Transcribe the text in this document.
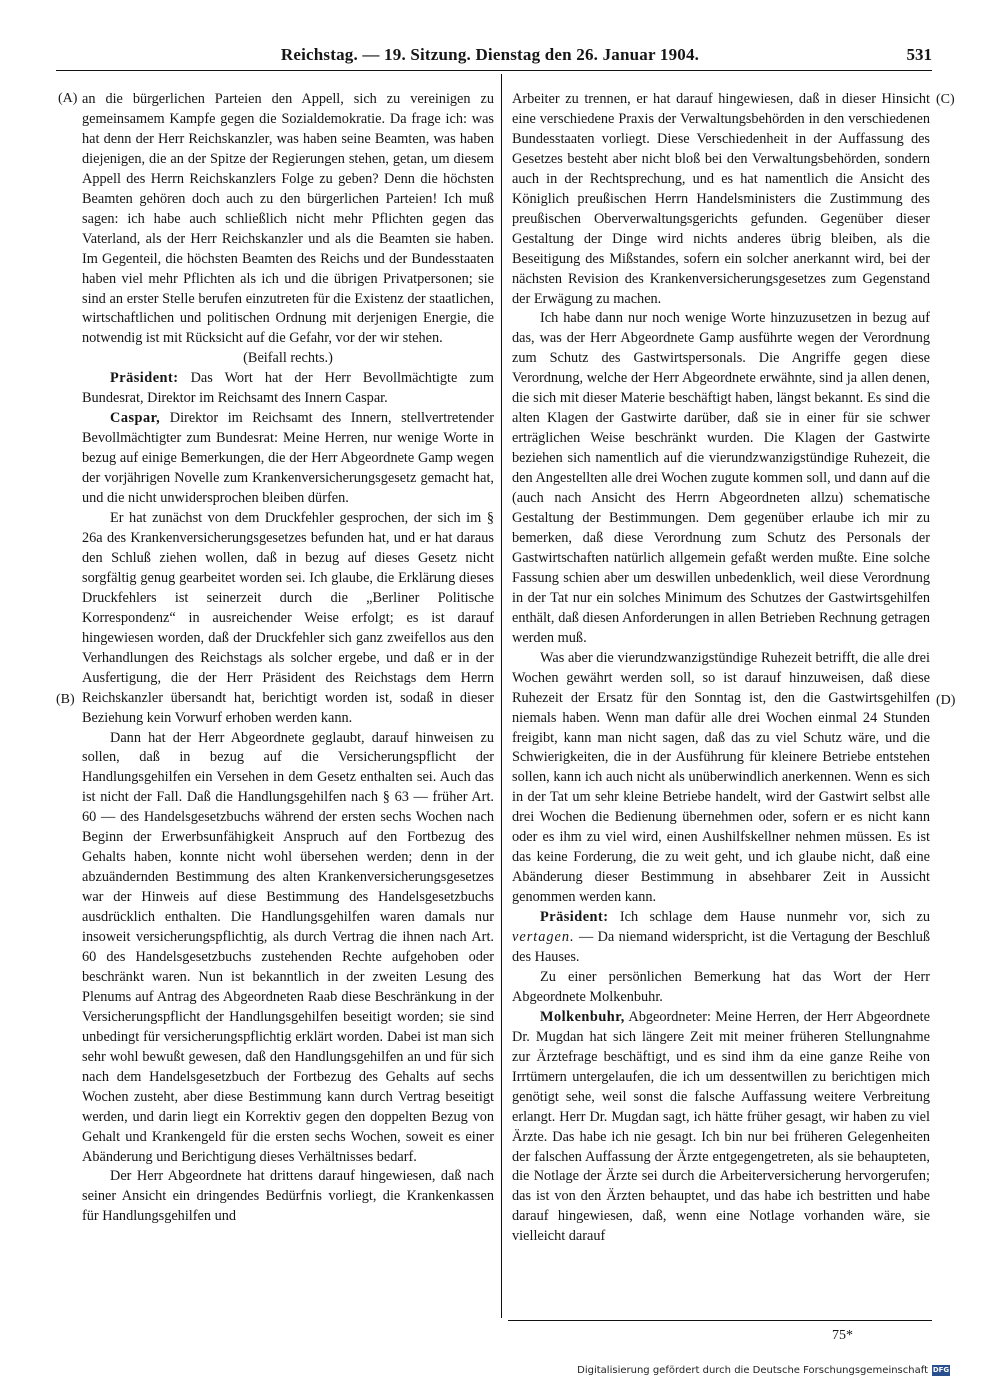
Reichstag. — 19. Sitzung. Dienstag den 26. Januar 1904.	531
(A)
(B)
(C)
(D)

an die bürgerlichen Parteien den Appell, sich zu vereinigen zu gemeinsamem Kampfe gegen die Sozialdemokratie. Da frage ich: was hat denn der Herr Reichskanzler, was haben seine Beamten, was haben diejenigen, die an der Spitze der Regierungen stehen, getan, um diesem Appell des Herrn Reichskanzlers Folge zu geben? Denn die höchsten Beamten gehören doch auch zu den bürgerlichen Parteien! Ich muß sagen: ich habe auch schließlich nicht mehr Pflichten gegen das Vaterland, als der Herr Reichskanzler und als die Beamten sie haben. Im Gegenteil, die höchsten Beamten des Reichs und der Bundesstaaten haben viel mehr Pflichten als ich und die übrigen Privatpersonen; sie sind an erster Stelle berufen einzutreten für die Existenz der staatlichen, wirtschaftlichen und politischen Ordnung mit derjenigen Energie, die notwendig ist mit Rücksicht auf die Gefahr, vor der wir stehen.

(Beifall rechts.)

Präsident: Das Wort hat der Herr Bevollmächtigte zum Bundesrat, Direktor im Reichsamt des Innern Caspar.

Caspar, Direktor im Reichsamt des Innern, stellvertretender Bevollmächtigter zum Bundesrat: Meine Herren, nur wenige Worte in bezug auf einige Bemerkungen, die der Herr Abgeordnete Gamp wegen der vorjährigen Novelle zum Krankenversicherungsgesetz gemacht hat, und die nicht unwidersprochen bleiben dürfen.

Er hat zunächst von dem Druckfehler gesprochen, der sich im § 26a des Krankenversicherungsgesetzes befunden hat, und er hat daraus den Schluß ziehen wollen, daß in bezug auf dieses Gesetz nicht sorgfältig genug gearbeitet worden sei. Ich glaube, die Erklärung dieses Druckfehlers ist seinerzeit durch die „Berliner Politische Korrespondenz“ in ausreichender Weise erfolgt; es ist darauf hingewiesen worden, daß der Druckfehler sich ganz zweifellos aus den Verhandlungen des Reichstags als solcher ergebe, und daß er in der Ausfertigung, die der Herr Präsident des Reichstags dem Herrn Reichskanzler übersandt hat, berichtigt worden ist, sodaß in dieser Beziehung kein Vorwurf erhoben werden kann.

Dann hat der Herr Abgeordnete geglaubt, darauf hinweisen zu sollen, daß in bezug auf die Versicherungspflicht der Handlungsgehilfen ein Versehen in dem Gesetz enthalten sei. Auch das ist nicht der Fall. Daß die Handlungsgehilfen nach § 63 — früher Art. 60 — des Handelsgesetzbuchs während der ersten sechs Wochen nach Beginn der Erwerbsunfähigkeit Anspruch auf den Fortbezug des Gehalts haben, konnte nicht wohl übersehen werden; denn in der abzuändernden Bestimmung des alten Krankenversicherungsgesetzes war der Hinweis auf diese Bestimmung des Handelsgesetzbuchs ausdrücklich enthalten. Die Handlungsgehilfen waren damals nur insoweit versicherungspflichtig, als durch Vertrag die ihnen nach Art. 60 des Handelsgesetzbuchs zustehenden Rechte aufgehoben oder beschränkt waren. Nun ist bekanntlich in der zweiten Lesung des Plenums auf Antrag des Abgeordneten Raab diese Beschränkung in der Versicherungspflicht der Handlungsgehilfen beseitigt worden; sie sind unbedingt für versicherungspflichtig erklärt worden. Dabei ist man sich sehr wohl bewußt gewesen, daß den Handlungsgehilfen an und für sich nach dem Handelsgesetzbuch der Fortbezug des Gehalts auf sechs Wochen zusteht, aber diese Bestimmung kann durch Vertrag beseitigt werden, und darin liegt ein Korrektiv gegen den doppelten Bezug von Gehalt und Krankengeld für die ersten sechs Wochen, soweit es einer Abänderung und Berichtigung dieses Verhältnisses bedarf.

Der Herr Abgeordnete hat drittens darauf hingewiesen, daß nach seiner Ansicht ein dringendes Bedürfnis vorliegt, die Krankenkassen für Handlungsgehilfen und

Arbeiter zu trennen, er hat darauf hingewiesen, daß in dieser Hinsicht eine verschiedene Praxis der Verwaltungsbehörden in den verschiedenen Bundesstaaten vorliegt. Diese Verschiedenheit in der Auffassung des Gesetzes besteht aber nicht bloß bei den Verwaltungsbehörden, sondern auch in der Rechtsprechung, und es hat namentlich die Ansicht des Königlich preußischen Herrn Handelsministers die Zustimmung des preußischen Oberverwaltungsgerichts gefunden. Gegenüber dieser Gestaltung der Dinge wird nichts anderes übrig bleiben, als die Beseitigung des Mißstandes, sofern ein solcher anerkannt wird, bei der nächsten Revision des Krankenversicherungsgesetzes zum Gegenstand der Erwägung zu machen.

Ich habe dann nur noch wenige Worte hinzuzusetzen in bezug auf das, was der Herr Abgeordnete Gamp ausführte wegen der Verordnung zum Schutz des Gastwirtspersonals. Die Angriffe gegen diese Verordnung, welche der Herr Abgeordnete erwähnte, sind ja allen denen, die sich mit dieser Materie beschäftigt haben, längst bekannt. Es sind die alten Klagen der Gastwirte darüber, daß sie in einer für sie schwer erträglichen Weise beschränkt wurden. Die Klagen der Gastwirte beziehen sich namentlich auf die vierundzwanzigstündige Ruhezeit, die den Angestellten alle drei Wochen zugute kommen soll, und dann auf die (auch nach Ansicht des Herrn Abgeordneten allzu) schematische Gestaltung der Bestimmungen. Dem gegenüber erlaube ich mir zu bemerken, daß diese Verordnung zum Schutz des Personals der Gastwirtschaften natürlich allgemein gefaßt werden mußte. Eine solche Fassung schien aber um deswillen unbedenklich, weil diese Verordnung in der Tat nur ein solches Minimum des Schutzes der Gastwirtsgehilfen enthält, daß diesen Anforderungen in allen Betrieben Rechnung getragen werden muß.

Was aber die vierundzwanzigstündige Ruhezeit betrifft, die alle drei Wochen gewährt werden soll, so ist darauf hinzuweisen, daß diese Ruhezeit der Ersatz für den Sonntag ist, den die Gastwirtsgehilfen niemals haben. Wenn man dafür alle drei Wochen einmal 24 Stunden freigibt, kann man nicht sagen, daß das zu viel Schutz wäre, und die Schwierigkeiten, die in der Ausführung für kleinere Betriebe entstehen sollen, kann ich auch nicht als unüberwindlich anerkennen. Wenn es sich in der Tat um sehr kleine Betriebe handelt, wird der Gastwirt selbst alle drei Wochen die Bedienung übernehmen oder, sofern er es nicht kann oder es ihm zu viel wird, einen Aushilfskellner nehmen müssen. Es ist das keine Forderung, die zu weit geht, und ich glaube nicht, daß eine Abänderung dieser Bestimmung in absehbarer Zeit in Aussicht genommen werden kann.

Präsident: Ich schlage dem Hause nunmehr vor, sich zu vertagen. — Da niemand widerspricht, ist die Vertagung der Beschluß des Hauses.

Zu einer persönlichen Bemerkung hat das Wort der Herr Abgeordnete Molkenbuhr.

Molkenbuhr, Abgeordneter: Meine Herren, der Herr Abgeordnete Dr. Mugdan hat sich längere Zeit mit meiner früheren Stellungnahme zur Ärztefrage beschäftigt, und es sind ihm da eine ganze Reihe von Irrtümern untergelaufen, die ich um dessentwillen zu berichtigen mich genötigt sehe, weil sonst die falsche Auffassung weitere Verbreitung erlangt. Herr Dr. Mugdan sagt, ich hätte früher gesagt, wir haben zu viel Ärzte. Das habe ich nie gesagt. Ich bin nur bei früheren Gelegenheiten der falschen Auffassung der Ärzte entgegengetreten, als sie behaupteten, die Notlage der Ärzte sei durch die Arbeiterversicherung hervorgerufen; das ist von den Ärzten behauptet, und das habe ich bestritten und habe darauf hingewiesen, daß, wenn eine Notlage vorhanden wäre, sie vielleicht darauf

75*
Digitalisierung gefördert durch die Deutsche Forschungsgemeinschaft DFG
